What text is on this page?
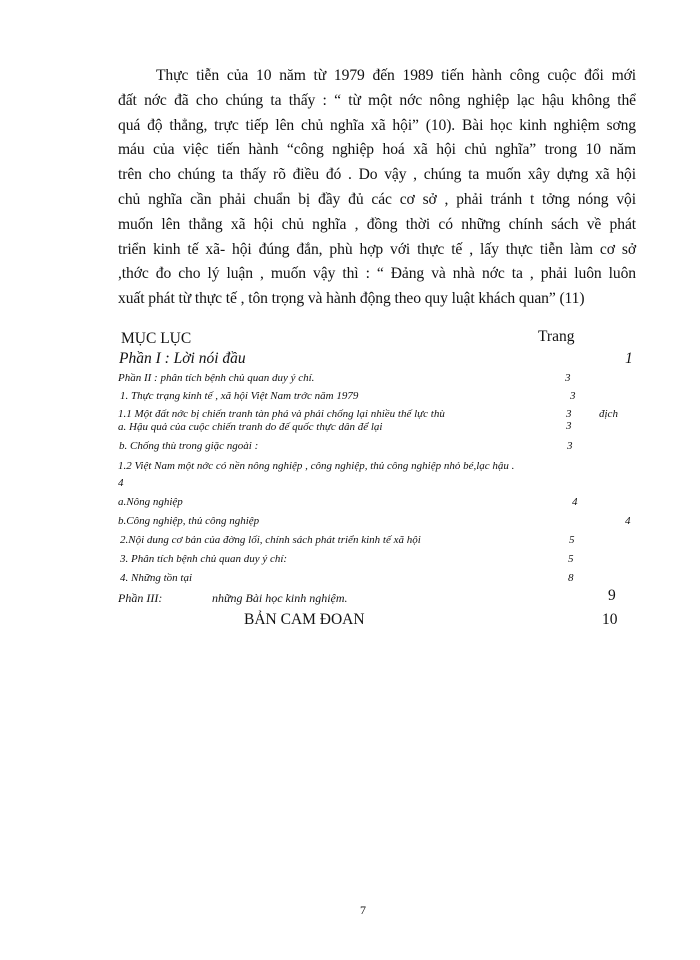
Thực tiễn của 10 năm từ 1979 đến 1989 tiến hành công cuộc đổi mới
đất nớc đã cho chúng ta thấy : “ từ một nớc nông nghiệp lạc hậu không thể
quá độ thẳng, trực tiếp lên chủ nghĩa xã hội” (10). Bài học kinh nghiệm sơng
máu của việc tiến hành “công nghiệp hoá xã hội chủ nghĩa” trong 10 năm
trên cho chúng ta thấy rõ điều đó . Do vậy , chúng ta muốn xây dựng xã hội
chủ nghĩa cần phải chuẩn bị đầy đủ các cơ sở , phải tránh t tởng nóng vội
muốn lên thẳng xã hội chủ nghĩa , đồng thời có những chính sách về phát
triển kinh tế xã- hội đúng đắn, phù hợp với thực tế , lấy thực tiễn làm cơ sở
,thớc đo cho lý luận , muốn vậy thì : “ Đảng và nhà nớc ta , phải luôn luôn
xuất phát từ thực tế , tôn trọng và hành động theo quy luật khách quan” (11)
MỤC LỤC	Trang
Phần I : Lời nói đầu	1
Phần II : phân tích bệnh chủ quan duy ý chí.	3
1. Thực trạng kinh tế , xã hội Việt Nam trớc năm 1979	3
1.1 Một đất nớc bị chiến tranh tàn phá và phải chống lại nhiều thế lực thù	3	địch
a. Hậu quả của cuộc chiến tranh do đế quốc thực dân để lại	3
b. Chống thù trong giặc ngoài :	3
1.2 Việt Nam một nớc có nền nông nghiệp , công nghiệp, thủ công nghiệp nhỏ bé,lạc hậu .
4
a.Nông nghiệp	4
b.Công nghiệp, thủ công nghiệp	4
2.Nội dung cơ bản của đờng lối, chính sách phát triển kinh tế xã hội	5
3. Phân tích bệnh chủ quan duy ý chí:	5
4. Những tồn tại	8
Phần III:	những Bài học kinh nghiệm.	9
BẢN CAM ĐOAN	10
7
